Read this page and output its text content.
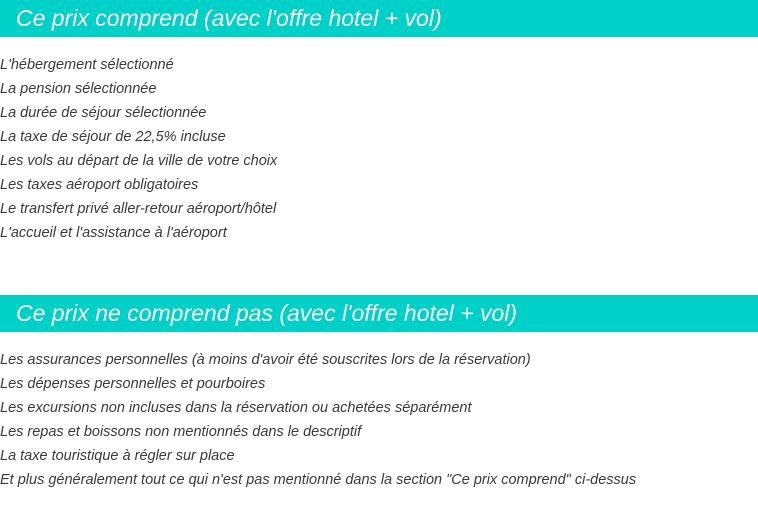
Ce prix comprend (avec l'offre hotel + vol)
L'hébergement sélectionné
La pension sélectionnée
La durée de séjour sélectionnée
La taxe de séjour de 22,5% incluse
Les vols au départ de la ville de votre choix
Les taxes aéroport obligatoires
Le transfert privé aller-retour aéroport/hôtel
L'accueil et l'assistance à l'aéroport
Ce prix ne comprend pas (avec l'offre hotel + vol)
Les assurances personnelles (à moins d'avoir été souscrites lors de la réservation)
Les dépenses personnelles et pourboires
Les excursions non incluses dans la réservation ou achetées séparément
Les repas et boissons non mentionnés dans le descriptif
La taxe touristique à régler sur place
Et plus généralement tout ce qui n'est pas mentionné dans la section "Ce prix comprend" ci-dessus
